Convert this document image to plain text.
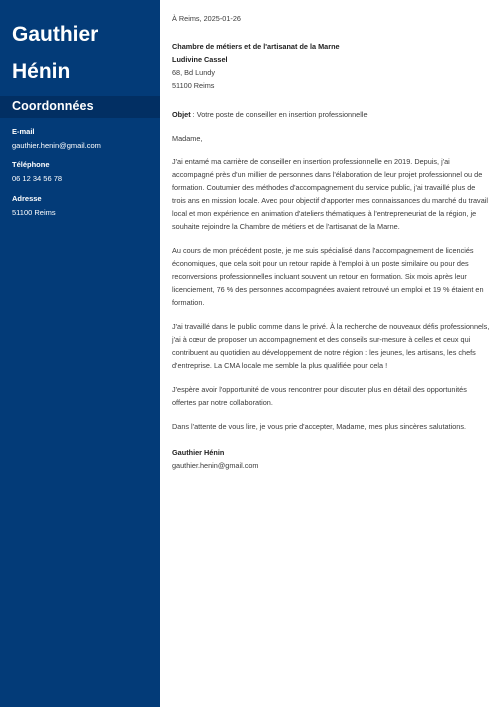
Gauthier
Hénin
Coordonnées
E-mail
gauthier.henin@gmail.com
Téléphone
06 12 34 56 78
Adresse
51100 Reims

À Reims, 2025-01-26

Chambre de métiers et de l'artisanat de la Marne

Ludivine Cassel

68, Bd Lundy

51100 Reims

Objet : Votre poste de conseiller en insertion professionnelle

Madame,

J'ai entamé ma carrière de conseiller en insertion professionnelle en 2019. Depuis, j'ai accompagné près d'un millier de personnes dans l'élaboration de leur projet professionnel ou de formation. Coutumier des méthodes d'accompagnement du service public, j'ai travaillé plus de trois ans en mission locale. Avec pour objectif d'apporter mes connaissances du marché du travail local et mon expérience en animation d'ateliers thématiques à l'entrepreneuriat de la région, je souhaite rejoindre la Chambre de métiers et de l'artisanat de la Marne.

Au cours de mon précédent poste, je me suis spécialisé dans l'accompagnement de licenciés économiques, que cela soit pour un retour rapide à l'emploi à un poste similaire ou pour des reconversions professionnelles incluant souvent un retour en formation. Six mois après leur licenciement, 76 % des personnes accompagnées avaient retrouvé un emploi et 19 % étaient en formation.

J'ai travaillé dans le public comme dans le privé. À la recherche de nouveaux défis professionnels, j'ai à cœur de proposer un accompagnement et des conseils sur-mesure à celles et ceux qui contribuent au quotidien au développement de notre région : les jeunes, les artisans, les chefs d'entreprise. La CMA locale me semble la plus qualifiée pour cela !

J'espère avoir l'opportunité de vous rencontrer pour discuter plus en détail des opportunités offertes par notre collaboration.

Dans l'attente de vous lire, je vous prie d'accepter, Madame, mes plus sincères salutations.

Gauthier Hénin

gauthier.henin@gmail.com
